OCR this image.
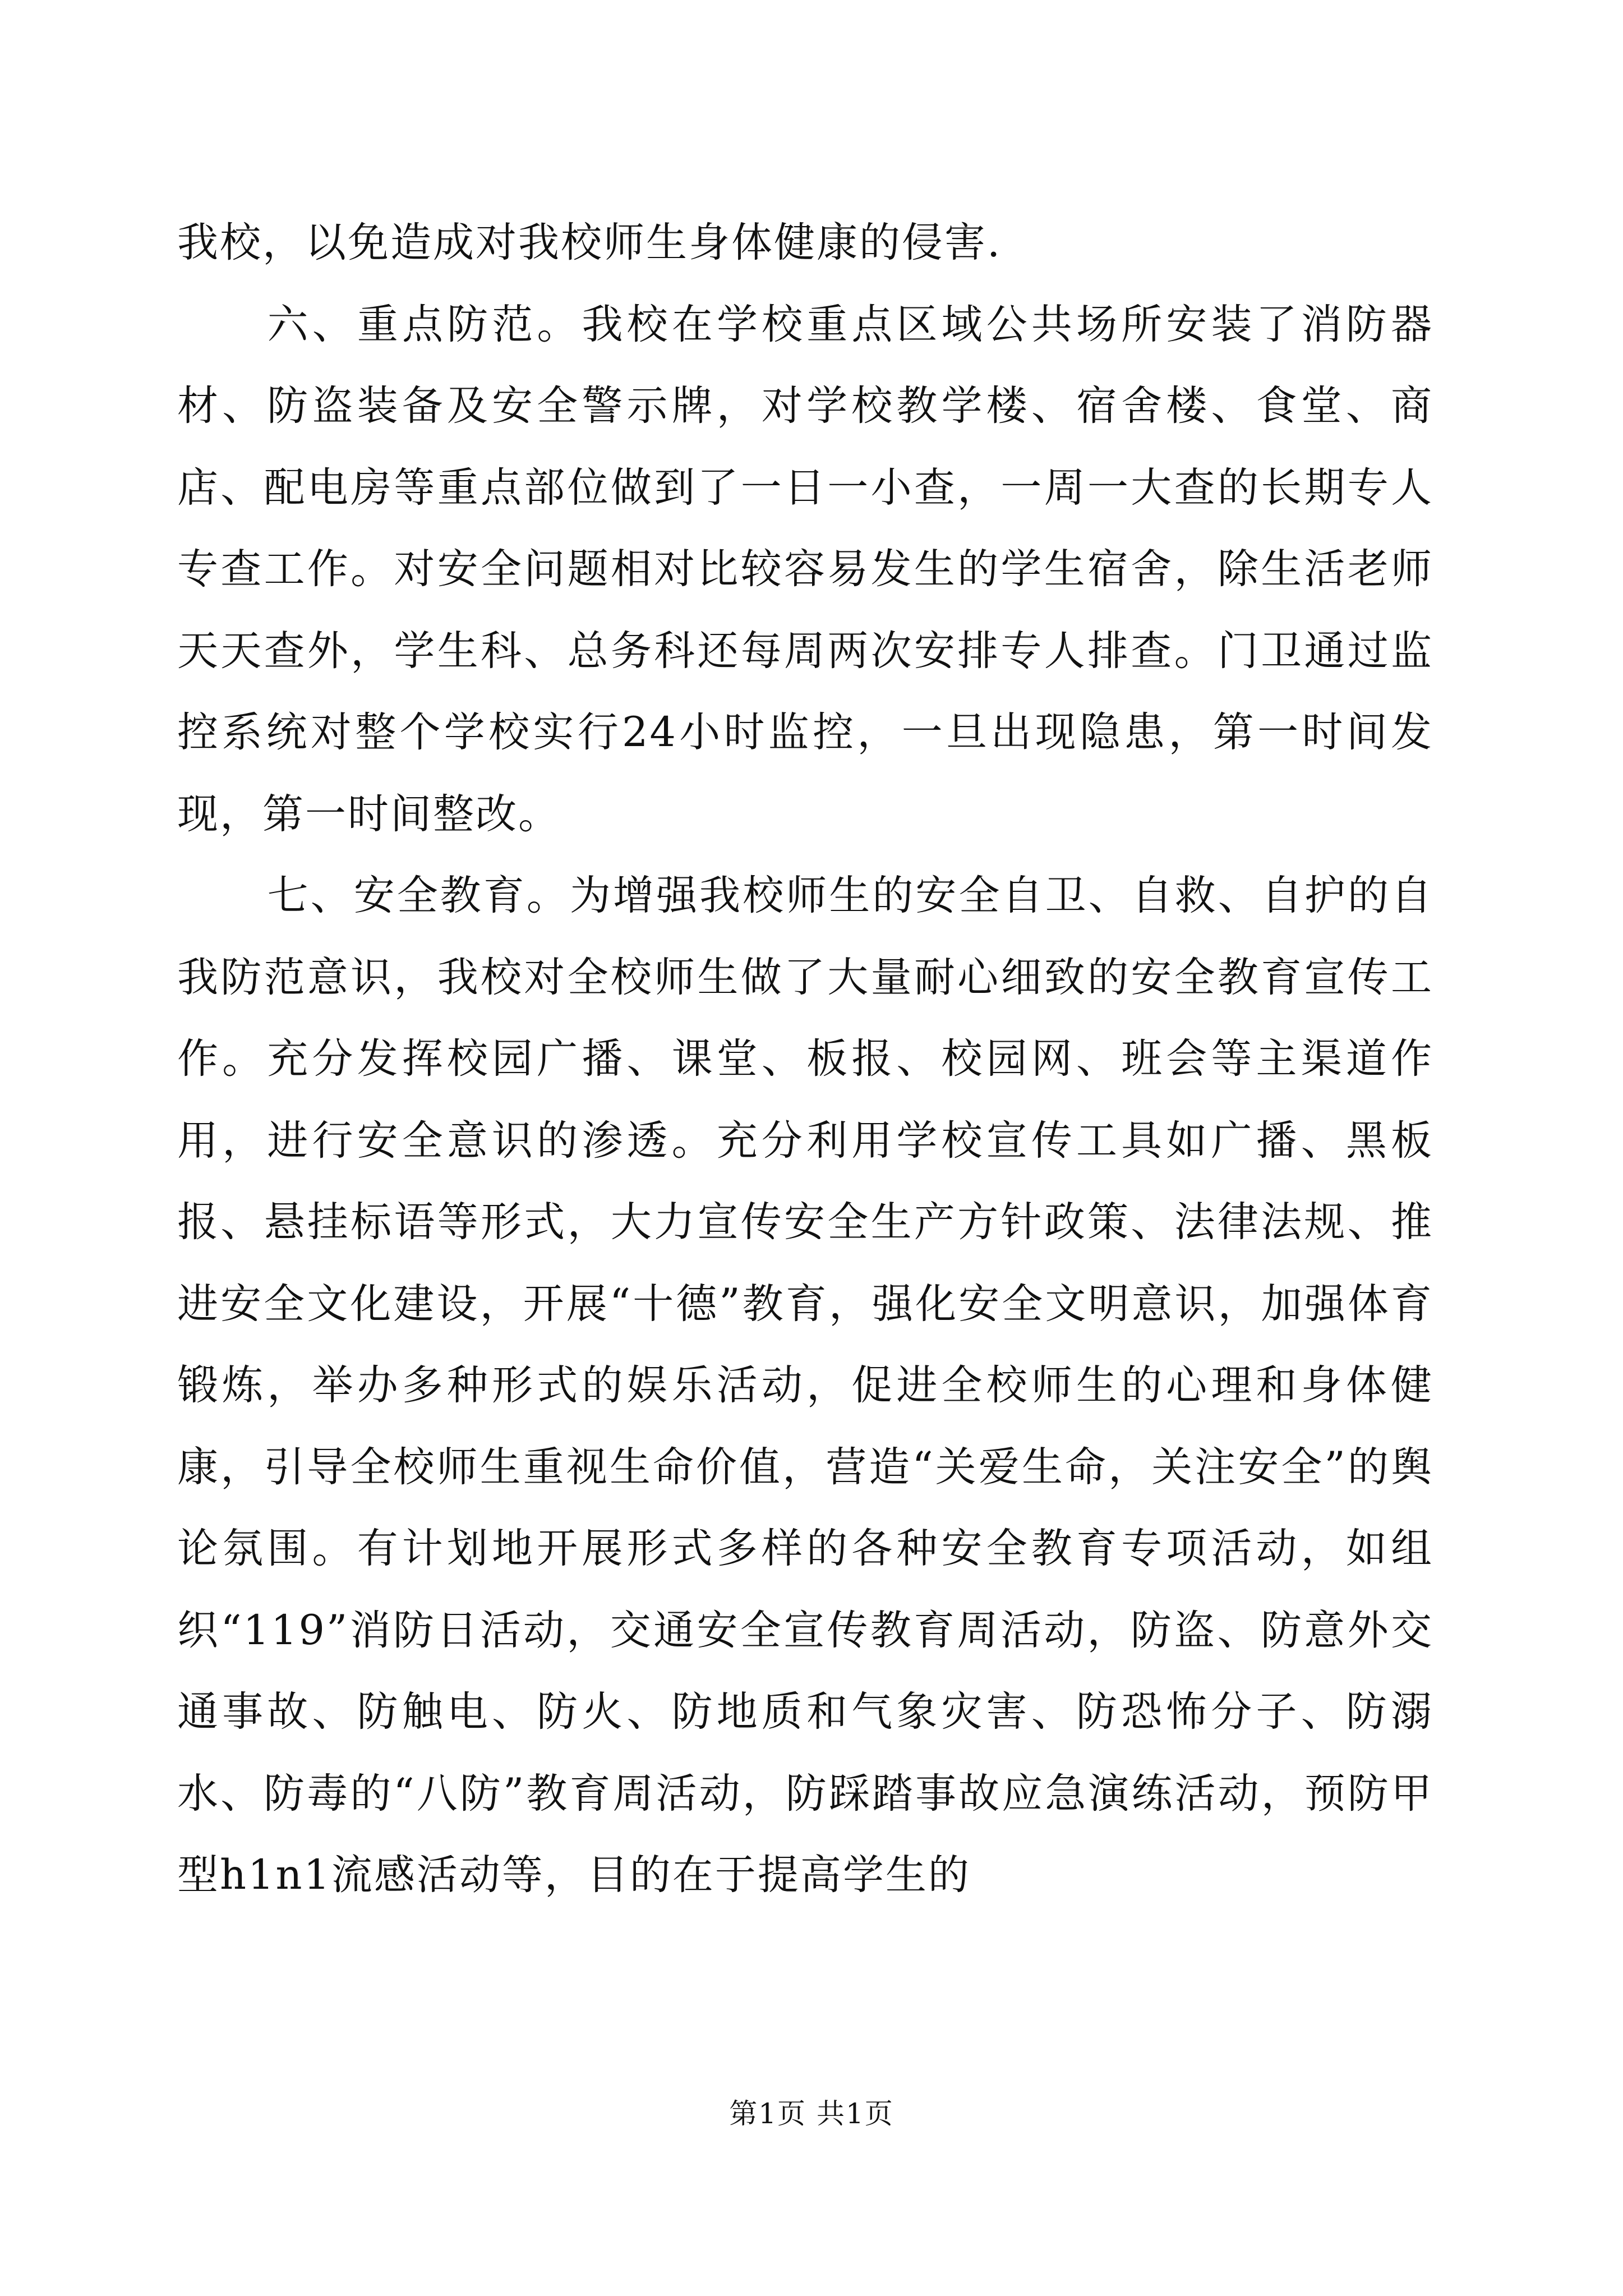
我校，以免造成对我校师生身体健康的侵害.

六、重点防范。我校在学校重点区域公共场所安装了消防器材、防盗装备及安全警示牌，对学校教学楼、宿舍楼、食堂、商店、配电房等重点部位做到了一日一小查，一周一大查的长期专人专查工作。对安全问题相对比较容易发生的学生宿舍，除生活老师天天查外，学生科、总务科还每周两次安排专人排查。门卫通过监控系统对整个学校实行24小时监控，一旦出现隐患，第一时间发现，第一时间整改。

七、安全教育。为增强我校师生的安全自卫、自救、自护的自我防范意识，我校对全校师生做了大量耐心细致的安全教育宣传工作。充分发挥校园广播、课堂、板报、校园网、班会等主渠道作用，进行安全意识的渗透。充分利用学校宣传工具如广播、黑板报、悬挂标语等形式，大力宣传安全生产方针政策、法律法规、推进安全文化建设，开展“十德”教育，强化安全文明意识，加强体育锻炼，举办多种形式的娱乐活动，促进全校师生的心理和身体健康，引导全校师生重视生命价值，营造“关爱生命，关注安全”的舆论氛围。有计划地开展形式多样的各种安全教育专项活动，如组织“119”消防日活动，交通安全宣传教育周活动，防盗、防意外交通事故、防触电、防火、防地质和气象灾害、防恐怖分子、防溺水、防毒的“八防”教育周活动，防踩踏事故应急演练活动，预防甲型h1n1流感活动等，目的在于提高学生的

第1页 共1页
